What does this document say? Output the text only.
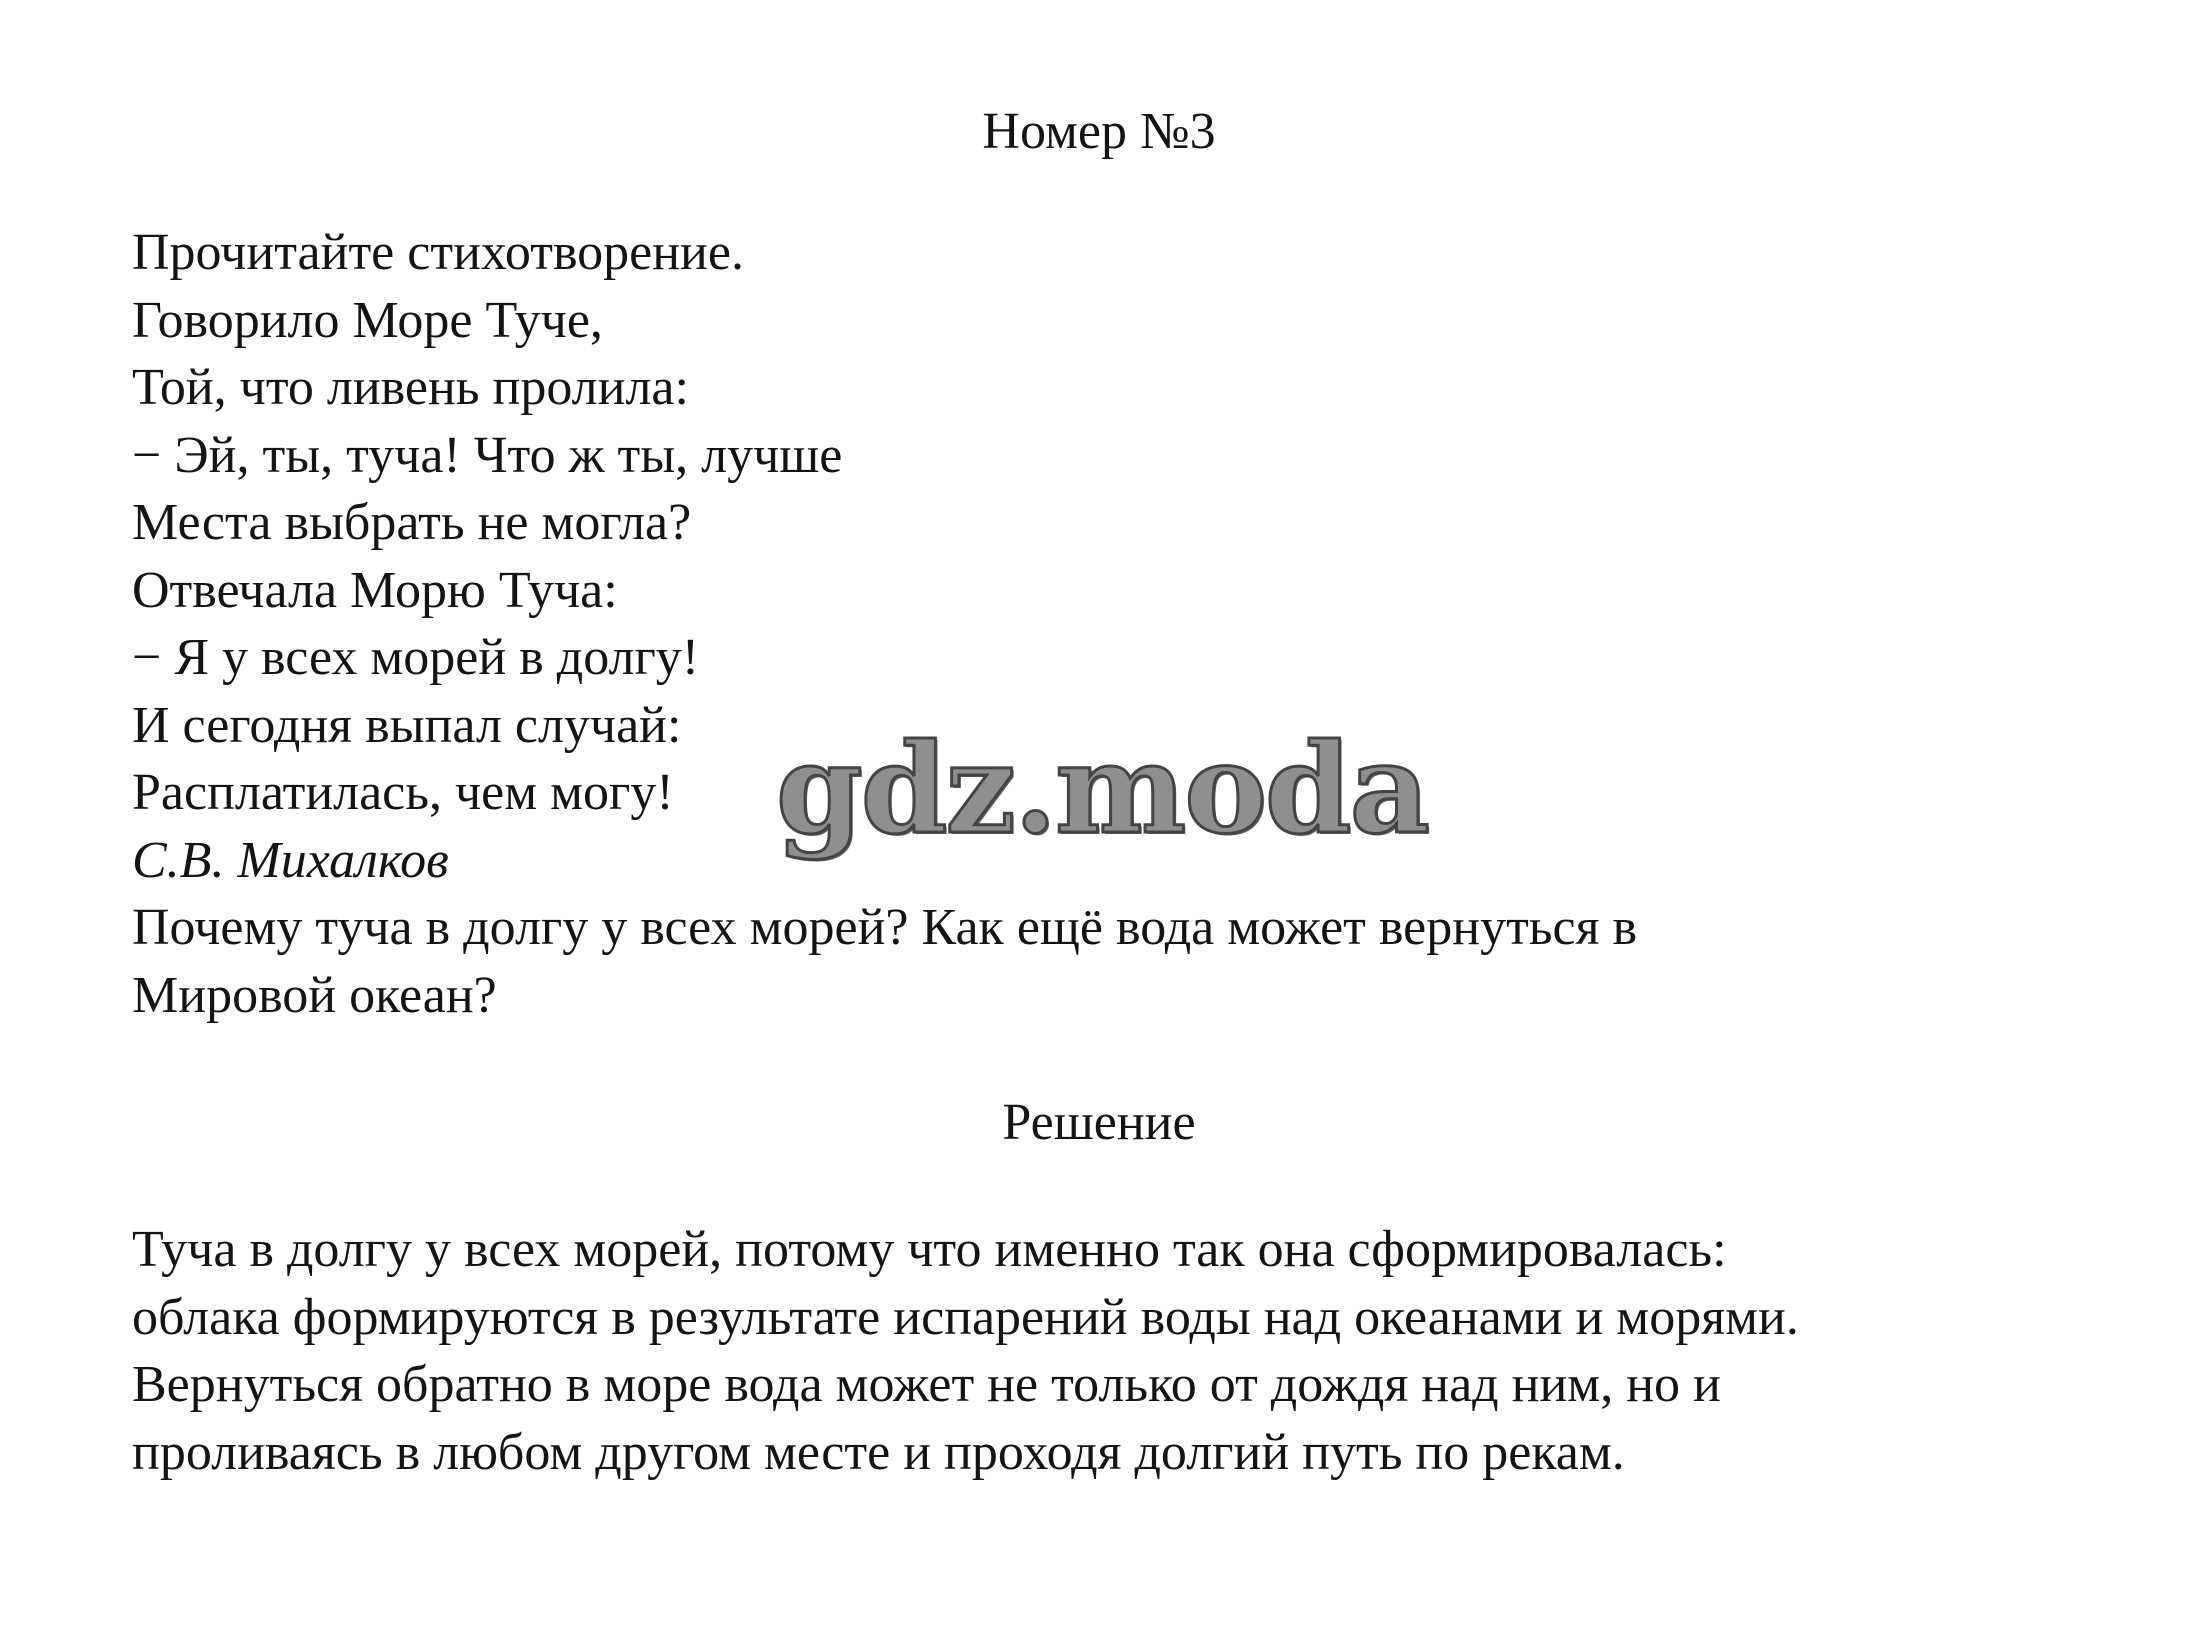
Номер №3
Прочитайте стихотворение.
Говорило Море Туче,
Той, что ливень пролила:
− Эй, ты, туча! Что ж ты, лучше
Места выбрать не могла?
Отвечала Морю Туча:
− Я у всех морей в долгу!
И сегодня выпал случай:
Расплатилась, чем могу!
С.В. Михалков
Почему туча в долгу у всех морей? Как ещё вода может вернуться в
Мировой океан?
Решение
Туча в долгу у всех морей, потому что именно так она сформировалась:
облака формируются в результате испарений воды над океанами и морями.
Вернуться обратно в море вода может не только от дождя над ним, но и
проливаясь в любом другом месте и проходя долгий путь по рекам.
gdz.moda
